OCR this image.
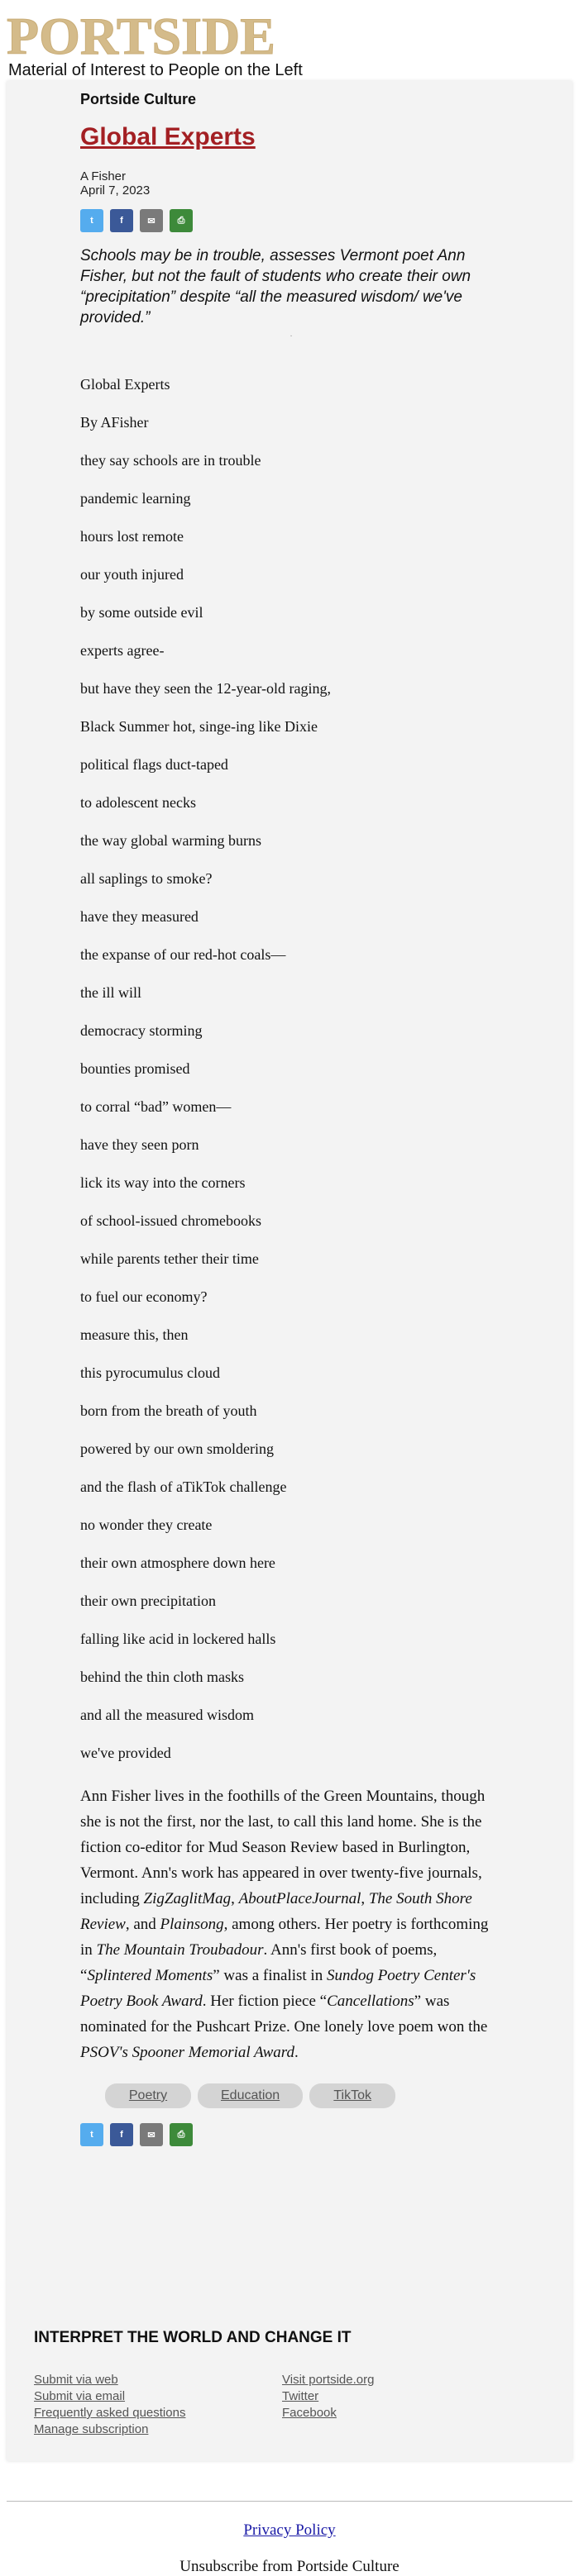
PORTSIDE
Material of Interest to People on the Left
Portside Culture
Global Experts
A Fisher
April 7, 2023
t	f	✉ ⎙
Schools may be in trouble, assesses Vermont poet Ann Fisher, but not the fault of students who create their own “precipitation” despite “all the measured wisdom/ we've provided.”
.

Global Experts

By AFisher

they say schools are in trouble

pandemic learning

hours lost remote

our youth injured

by some outside evil

experts agree-

but have they seen the 12-year-old raging,

Black Summer hot, singe-ing like Dixie

political flags duct-taped

to adolescent necks

the way global warming burns

all saplings to smoke?

have they measured

the expanse of our red-hot coals—

the ill will

democracy storming

bounties promised

to corral “bad” women—

have they seen porn

lick its way into the corners

of school-issued chromebooks

while parents tether their time

to fuel our economy?

measure this, then

this pyrocumulus cloud

born from the breath of youth

powered by our own smoldering

and the flash of aTikTok challenge

no wonder they create

their own atmosphere down here

their own precipitation

falling like acid in lockered halls

behind the thin cloth masks

and all the measured wisdom

we've provided

Ann Fisher lives in the foothills of the Green Mountains, though she is not the first, nor the last, to call this land home. She is the fiction co-editor for Mud Season Review based in Burlington, Vermont. Ann's work has appeared in over twenty-five journals, including ZigZaglitMag, AboutPlaceJournal, The South Shore Review, and Plainsong, among others. Her poetry is forthcoming in The Mountain Troubadour. Ann's first book of poems, “Splintered Moments” was a finalist in Sundog Poetry Center's Poetry Book Award. Her fiction piece “Cancellations” was nominated for the Pushcart Prize. One lonely love poem won the PSOV's Spooner Memorial Award.
Poetry	Education	TikTok
t	f	✉ ⎙
INTERPRET THE WORLD AND CHANGE IT
Submit via web
Submit via email
Frequently asked questions
Manage subscription
Visit portside.org
Twitter
Facebook
Privacy Policy
Unsubscribe from Portside Culture
